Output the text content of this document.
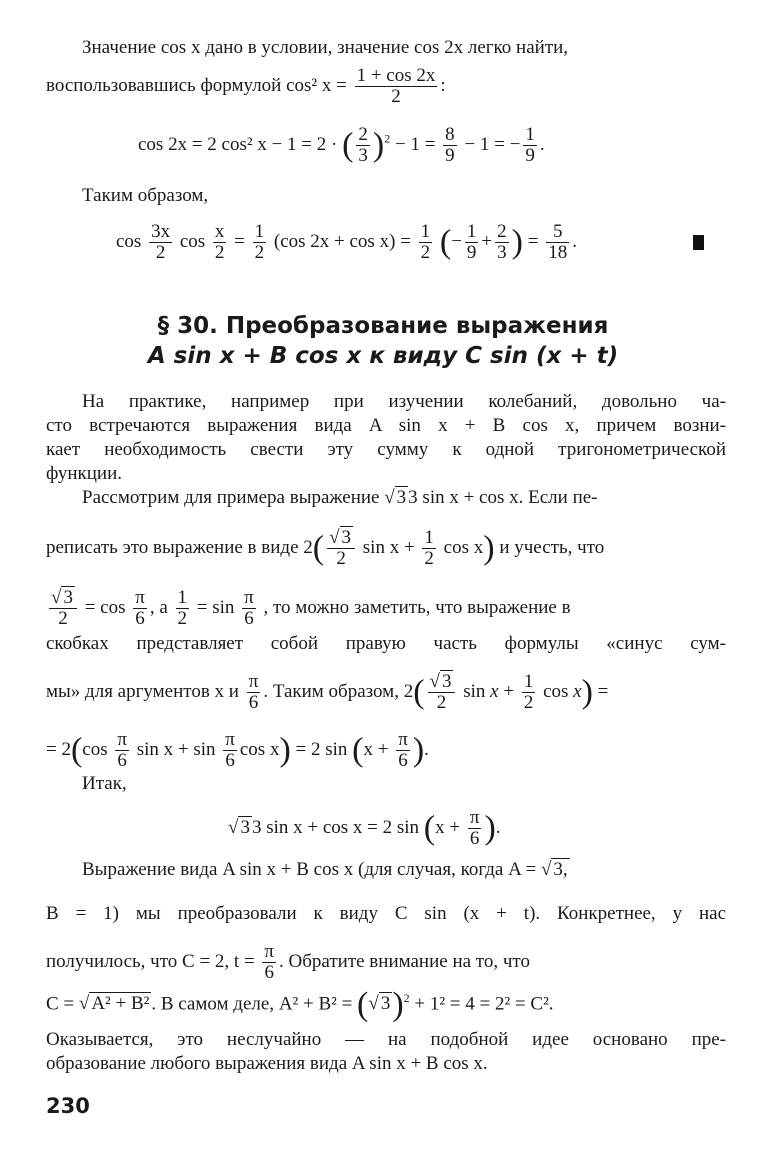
Значение cos x дано в условии, значение cos 2x легко найти,
воспользовавшись формулой cos² $x = \frac{1 + \cos 2x}{2}$ :
cos 2x = 2 cos² x − 1 = 2 · ( $\frac{2}{3} )^2 - 1 = \frac{8}{9} - 1$ = − $\frac{1}{9}$ .
Таким образом,
$\cos \frac{3x}{2}$ $\cos \frac{x}{2} = \frac{1}{2} (\cos$ $2x + \cos x) = \frac{1}{2}$ (− $\frac{1}{9} + \frac{2}{3}$ ) = $\frac{5}{18}$ .
§ 30. Преобразование выражения
A sin x + B cos x к виду C sin (x + t)
На практике, например при изучении колебаний, довольно ча-
сто встречаются выражения вида A sin x + B cos x, причем возни-
кает необходимость свести эту сумму к одной тригонометрической
функции.
Рассмотрим для примера выражение √ 3 3 sin x + cos x. Если пе-
реписать это выражение в виде $2( \frac{√ 3}{2}$ $\sin x + \frac{1}{2}$ cos x) и учесть, что
$\frac{√ 3}{2} = \cos \frac{\pi}{6}$ , а $\frac{1}{2} = \sin \frac{\pi}{6}$ , то можно заметить, что выражение в
скобках представляет собой правую часть формулы «синус сум-
мы» для аргументов x и $\frac{\pi}{6}$ . Таким образом, $2( \frac{√ 3}{2}$ $\sin x + \frac{1}{2}$ cos x) =
= $2(\cos \frac{\pi}{6}$ $\sin x + \sin \frac{\pi}{6}$ cos x) = 2 $\sin (x + \frac{\pi}{6}$ ).
Итак,
√ 3 3 sin x + cos x = 2 $\sin (x + \frac{\pi}{6}$ ).
Выражение вида A sin x + B cos x (для случая, когда A = √ 3,
B = 1) мы преобразовали к виду C sin (x + t). Конкретнее, у нас
получилось, что C = 2, $t = \frac{\pi}{6}$ . Обратите внимание на то, что
C = √ A² + B² . В самом деле, A² + B² = (√ 3)$^2$ + 1² = 4 = 2² = C².
Оказывается, это неслучайно — на подобной идее основано пре-
образование любого выражения вида A sin x + B cos x.
230
